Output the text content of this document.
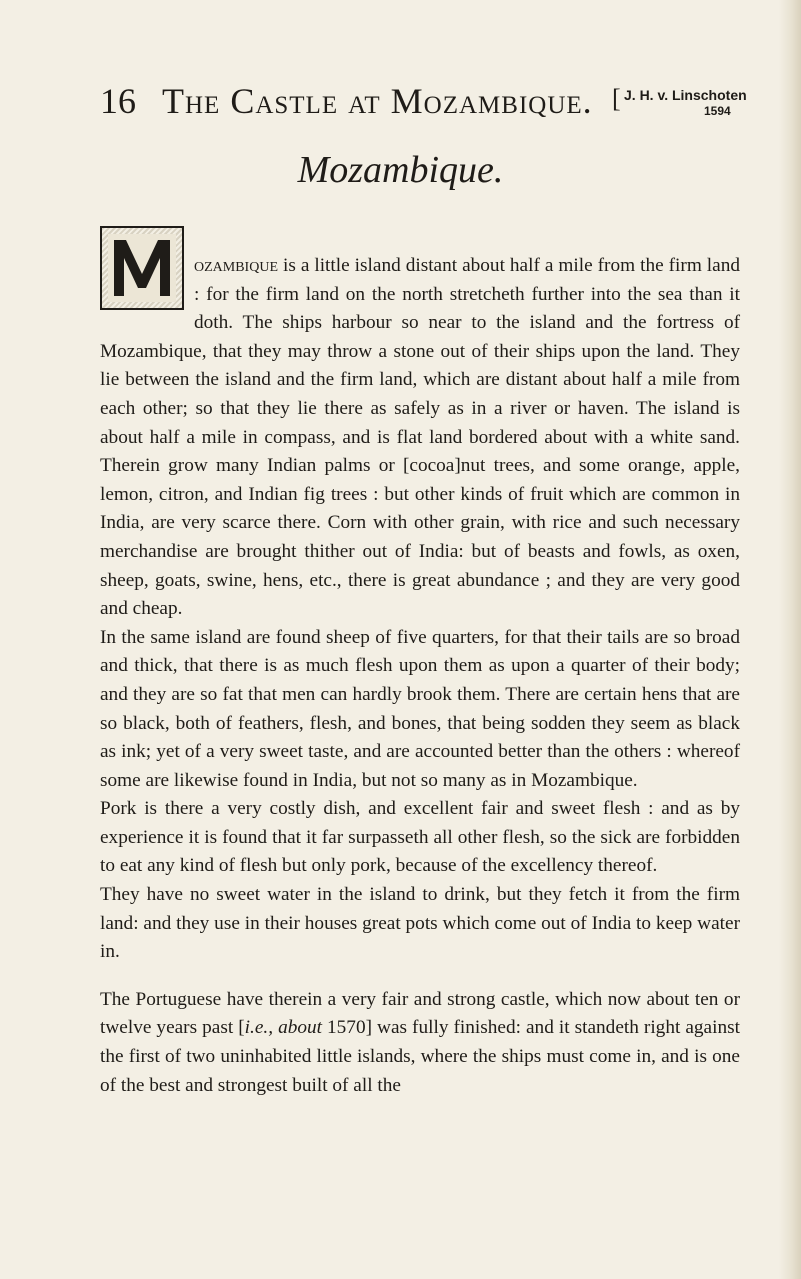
16 The Castle at Mozambique. [ J. H. v. Linschoten
1594
Mozambique.

ozambique is a little island distant about half a mile from the firm land : for the firm land on the north stretcheth further into the sea than it doth. The ships harbour so near to the island and the fortress of Mozambique, that they may throw a stone out of their ships upon the land. They lie between the island and the firm land, which are distant about half a mile from each other; so that they lie there as safely as in a river or haven. The island is about half a mile in compass, and is flat land bordered about with a white sand. Therein grow many Indian palms or [cocoa]nut trees, and some orange, apple, lemon, citron, and Indian fig trees : but other kinds of fruit which are common in India, are very scarce there. Corn with other grain, with rice and such necessary merchandise are brought thither out of India: but of beasts and fowls, as oxen, sheep, goats, swine, hens, etc., there is great abundance ; and they are very good and cheap.

In the same island are found sheep of five quarters, for that their tails are so broad and thick, that there is as much flesh upon them as upon a quarter of their body; and they are so fat that men can hardly brook them. There are certain hens that are so black, both of feathers, flesh, and bones, that being sodden they seem as black as ink; yet of a very sweet taste, and are accounted better than the others : whereof some are likewise found in India, but not so many as in Mozambique.

Pork is there a very costly dish, and excellent fair and sweet flesh : and as by experience it is found that it far surpasseth all other flesh, so the sick are forbidden to eat any kind of flesh but only pork, because of the excellency thereof.

They have no sweet water in the island to drink, but they fetch it from the firm land: and they use in their houses great pots which come out of India to keep water in.

The Portuguese have therein a very fair and strong castle, which now about ten or twelve years past [i.e., about 1570] was fully finished: and it standeth right against the first of two uninhabited little islands, where the ships must come in, and is one of the best and strongest built of all the
